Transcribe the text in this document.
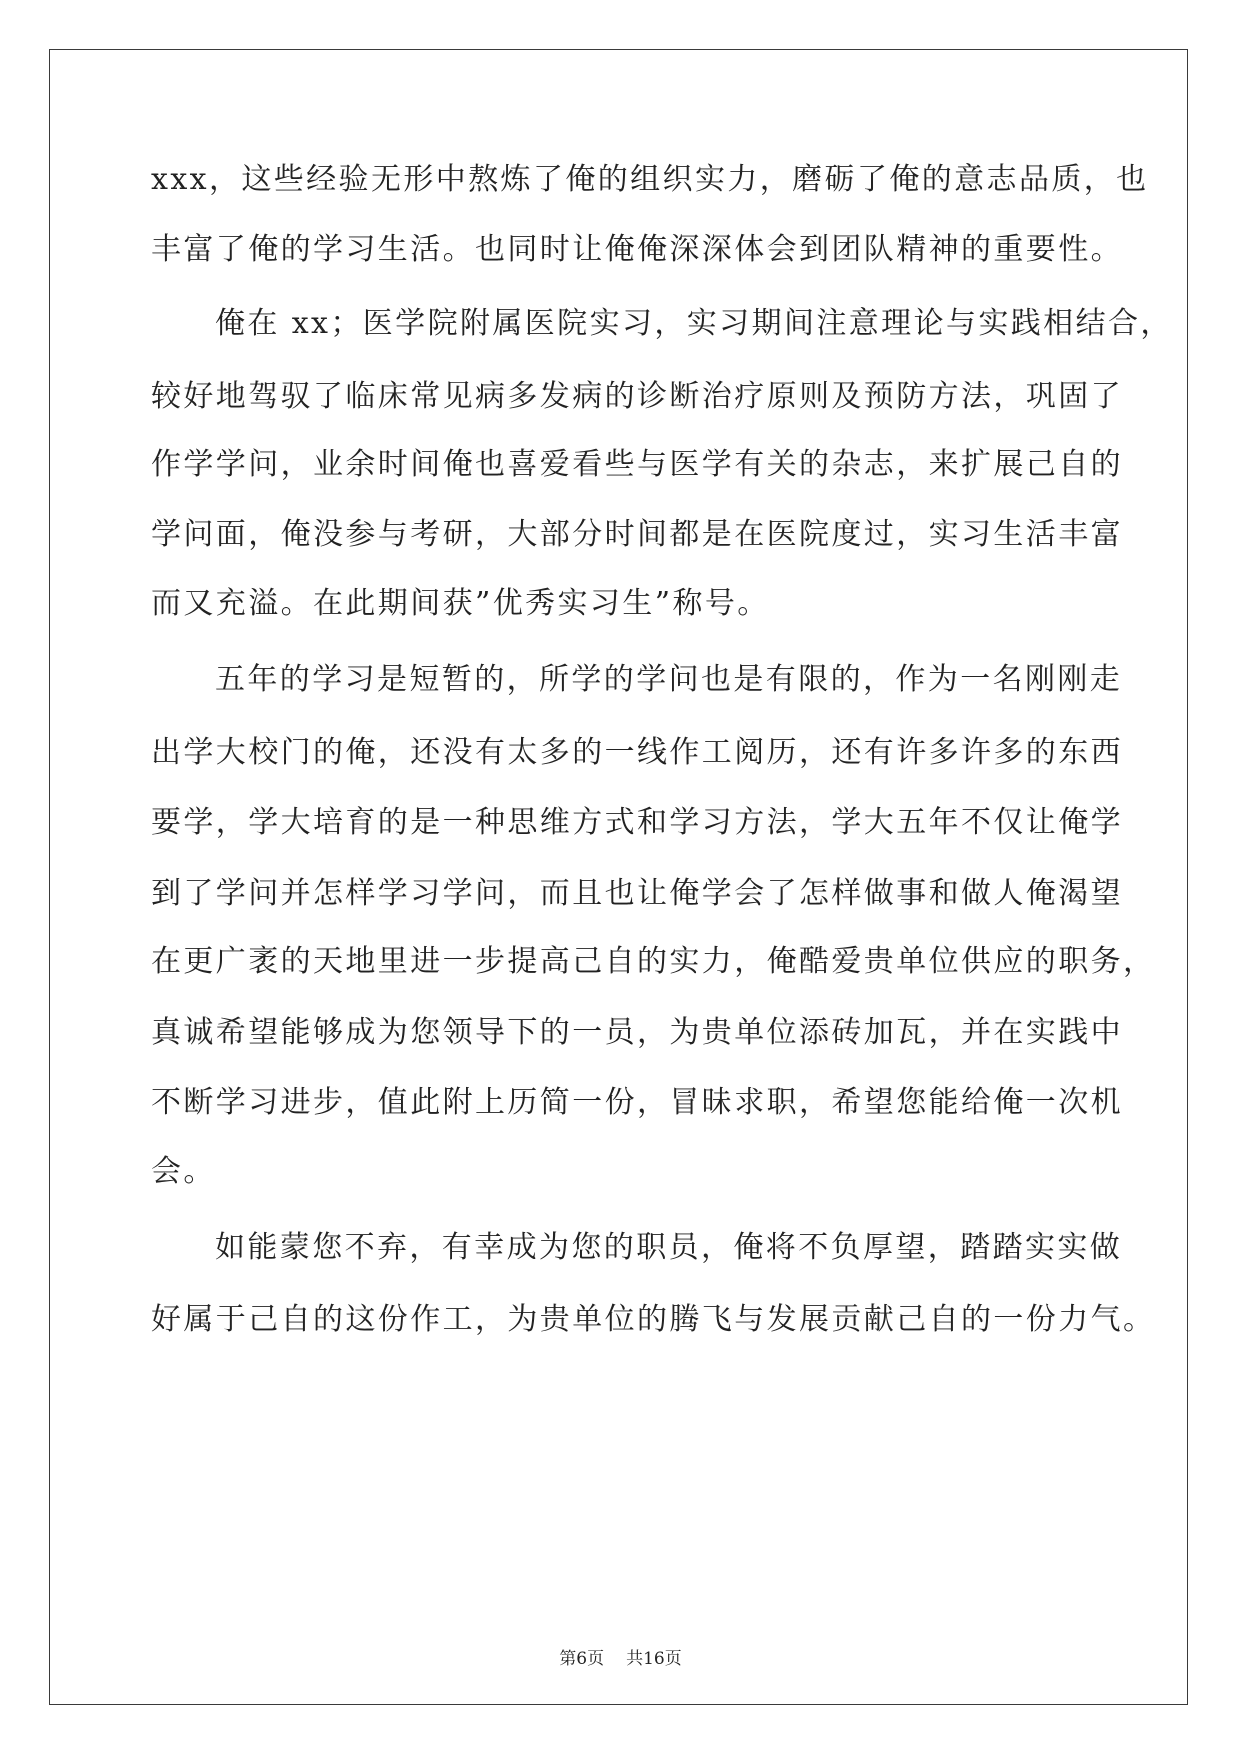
xxx，这些经验无形中熬炼了俺的组织实力，磨砺了俺的意志品质，也
丰富了俺的学习生活。也同时让俺俺深深体会到团队精神的重要性。
俺在 xx；医学院附属医院实习，实习期间注意理论与实践相结合，
较好地驾驭了临床常见病多发病的诊断治疗原则及预防方法，巩固了
作学学问，业余时间俺也喜爱看些与医学有关的杂志，来扩展己自的
学问面，俺没参与考研，大部分时间都是在医院度过，实习生活丰富
而又充溢。在此期间获”优秀实习生”称号。
五年的学习是短暂的，所学的学问也是有限的，作为一名刚刚走
出学大校门的俺，还没有太多的一线作工阅历，还有许多许多的东西
要学，学大培育的是一种思维方式和学习方法，学大五年不仅让俺学
到了学问并怎样学习学问，而且也让俺学会了怎样做事和做人俺渴望
在更广袤的天地里进一步提高己自的实力，俺酷爱贵单位供应的职务，
真诚希望能够成为您领导下的一员，为贵单位添砖加瓦，并在实践中
不断学习进步，值此附上历简一份，冒昧求职，希望您能给俺一次机
会。
如能蒙您不弃，有幸成为您的职员，俺将不负厚望，踏踏实实做
好属于己自的这份作工，为贵单位的腾飞与发展贡献己自的一份力气。
第6页 共16页
